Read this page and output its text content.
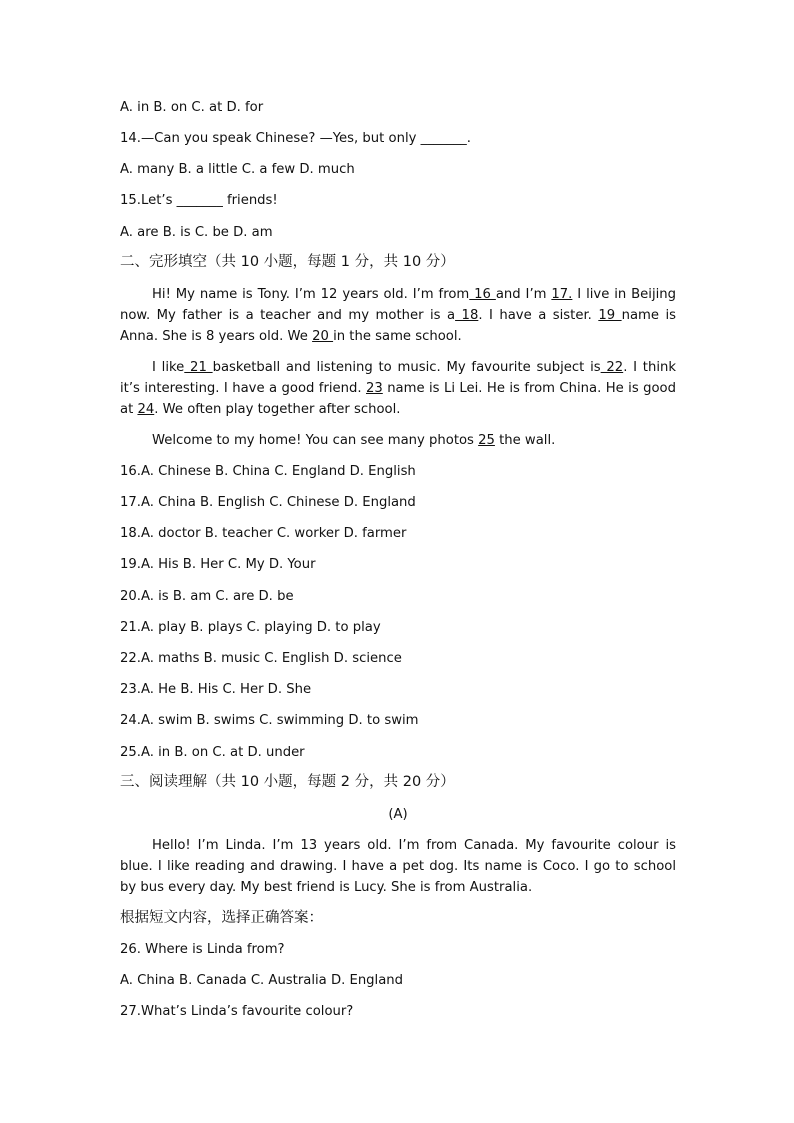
A. in B. on C. at D. for

14.—Can you speak Chinese? —Yes, but only _______.

A. many B. a little C. a few D. much

15.Let’s _______ friends!

A. are B. is C. be D. am

二、完形填空（共 10 小题，每题 1 分，共 10 分）

Hi! My name is Tony. I’m 12 years old. I’m from 16 and I’m 17. I live in Beijing now. My father is a teacher and my mother is a 18. I have a sister. 19 name is Anna. She is 8 years old. We 20 in the same school.

I like 21 basketball and listening to music. My favourite subject is 22. I think it’s interesting. I have a good friend. 23 name is Li Lei. He is from China. He is good at 24. We often play together after school.

Welcome to my home! You can see many photos 25 the wall.

16.A. Chinese B. China C. England D. English

17.A. China B. English C. Chinese D. England

18.A. doctor B. teacher C. worker D. farmer

19.A. His B. Her C. My D. Your

20.A. is B. am C. are D. be

21.A. play B. plays C. playing D. to play

22.A. maths B. music C. English D. science

23.A. He B. His C. Her D. She

24.A. swim B. swims C. swimming D. to swim

25.A. in B. on C. at D. under

三、阅读理解（共 10 小题，每题 2 分，共 20 分）

(A)

Hello! I’m Linda. I’m 13 years old. I’m from Canada. My favourite colour is blue. I like reading and drawing. I have a pet dog. Its name is Coco. I go to school by bus every day. My best friend is Lucy. She is from Australia.

根据短文内容，选择正确答案：

26. Where is Linda from?

A. China B. Canada C. Australia D. England

27.What’s Linda’s favourite colour?
